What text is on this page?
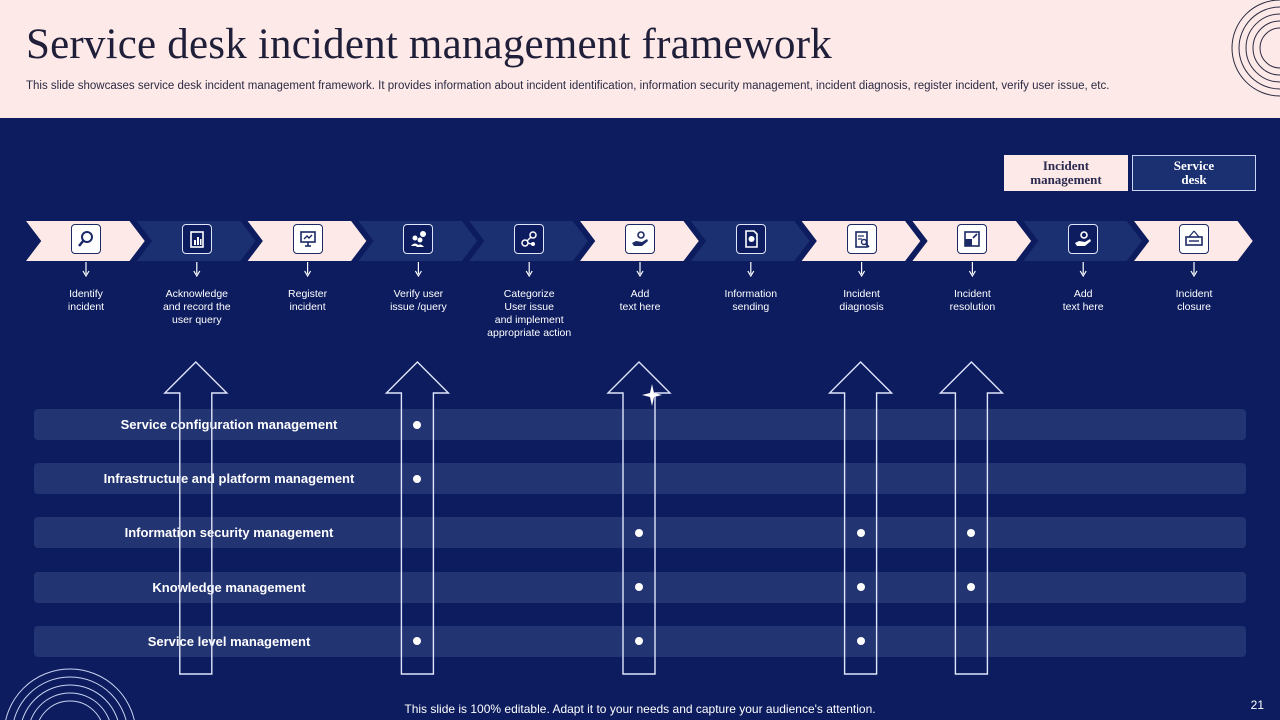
Service desk incident management framework
This slide showcases service desk incident management framework. It provides information about incident identification, information security management, incident diagnosis, register incident, verify user issue, etc.
Incident
management
Service
desk
Identify
incident
Acknowledge
and record the
user query
Register
incident
Verify user
issue /query
Categorize
User issue
and implement
appropriate action
Add
text here
Information
sending
Incident
diagnosis
Incident
resolution
Add
text here
Incident
closure
Service configuration management
Infrastructure and platform management
Information security management
Knowledge management
Service level management
This slide is 100% editable. Adapt it to your needs and capture your audience's attention.	21
